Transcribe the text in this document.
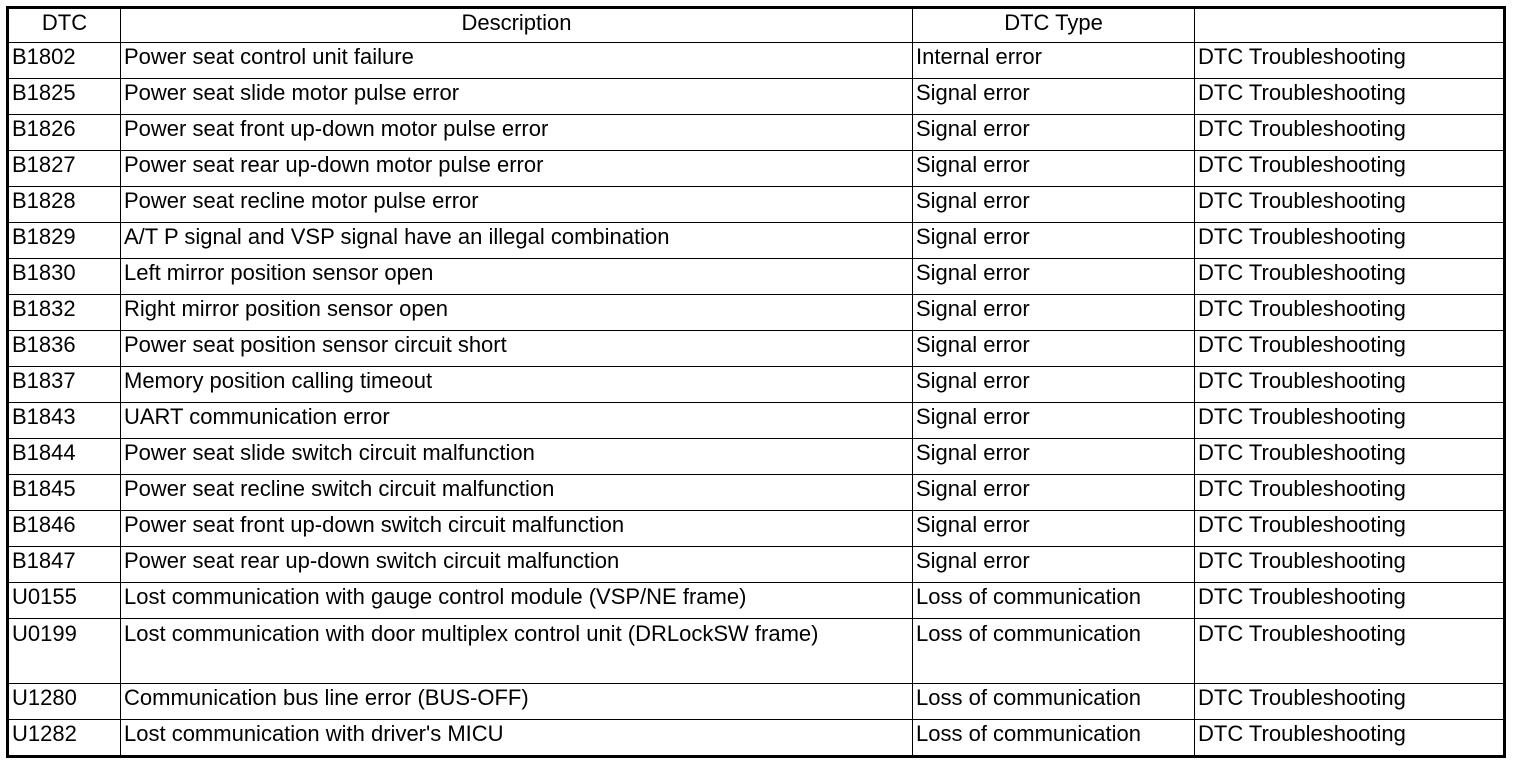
DTC	Description	DTC Type	
B1802	Power seat control unit failure	Internal error	DTC Troubleshooting
B1825	Power seat slide motor pulse error	Signal error	DTC Troubleshooting
B1826	Power seat front up-down motor pulse error	Signal error	DTC Troubleshooting
B1827	Power seat rear up-down motor pulse error	Signal error	DTC Troubleshooting
B1828	Power seat recline motor pulse error	Signal error	DTC Troubleshooting
B1829	A/T P signal and VSP signal have an illegal combination	Signal error	DTC Troubleshooting
B1830	Left mirror position sensor open	Signal error	DTC Troubleshooting
B1832	Right mirror position sensor open	Signal error	DTC Troubleshooting
B1836	Power seat position sensor circuit short	Signal error	DTC Troubleshooting
B1837	Memory position calling timeout	Signal error	DTC Troubleshooting
B1843	UART communication error	Signal error	DTC Troubleshooting
B1844	Power seat slide switch circuit malfunction	Signal error	DTC Troubleshooting
B1845	Power seat recline switch circuit malfunction	Signal error	DTC Troubleshooting
B1846	Power seat front up-down switch circuit malfunction	Signal error	DTC Troubleshooting
B1847	Power seat rear up-down switch circuit malfunction	Signal error	DTC Troubleshooting
U0155	Lost communication with gauge control module (VSP/NE frame)	Loss of communication	DTC Troubleshooting
U0199	Lost communication with door multiplex control unit (DRLockSW frame)	Loss of communication	DTC Troubleshooting
U1280	Communication bus line error (BUS-OFF)	Loss of communication	DTC Troubleshooting
U1282	Lost communication with driver's MICU	Loss of communication	DTC Troubleshooting
